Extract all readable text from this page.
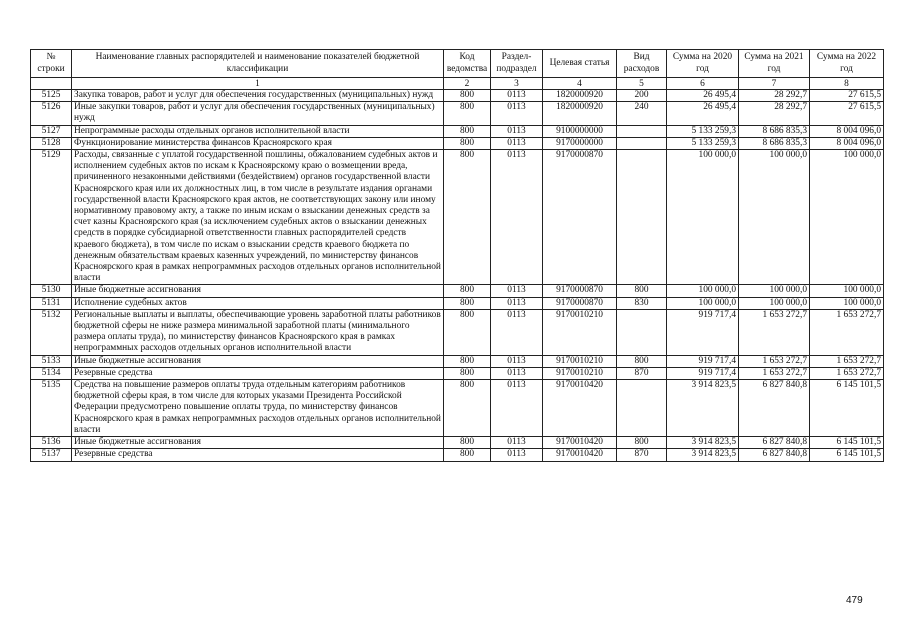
№ строки	Наименование главных распорядителей и наименование показателей бюджетной классификации	Код ведомства	Раздел-подраздел	Целевая статья	Вид расходов	Сумма на 2020 год	Сумма на 2021 год	Сумма на 2022 год
	1	2	3	4	5	6	7	8
5125	Закупка товаров, работ и услуг для обеспечения государственных (муниципальных) нужд	800	0113	1820000920	200	26 495,4	28 292,7	27 615,5
5126	Иные закупки товаров, работ и услуг для обеспечения государственных (муниципальных) нужд	800	0113	1820000920	240	26 495,4	28 292,7	27 615,5
5127	Непрограммные расходы отдельных органов исполнительной власти	800	0113	9100000000		5 133 259,3	8 686 835,3	8 004 096,0
5128	Функционирование министерства финансов Красноярского края	800	0113	9170000000		5 133 259,3	8 686 835,3	8 004 096,0
5129	Расходы, связанные с уплатой государственной пошлины, обжалованием судебных актов и исполнением судебных актов по искам к Красноярскому краю о возмещении вреда, причиненного незаконными действиями (бездействием) органов государственной власти Красноярского края или их должностных лиц, в том числе в результате издания органами государственной власти Красноярского края актов, не соответствующих закону или иному нормативному правовому акту, а также по иным искам о взыскании денежных средств за счет казны Красноярского края (за исключением судебных актов о взыскании денежных средств в порядке субсидиарной ответственности главных распорядителей средств краевого бюджета), в том числе по искам о взыскании средств краевого бюджета по денежным обязательствам краевых казенных учреждений, по министерству финансов Красноярского края в рамках непрограммных расходов отдельных органов исполнительной власти	800	0113	9170000870		100 000,0	100 000,0	100 000,0
5130	Иные бюджетные ассигнования	800	0113	9170000870	800	100 000,0	100 000,0	100 000,0
5131	Исполнение судебных актов	800	0113	9170000870	830	100 000,0	100 000,0	100 000,0
5132	Региональные выплаты и выплаты, обеспечивающие уровень заработной платы работников бюджетной сферы не ниже размера минимальной заработной платы (минимального размера оплаты труда), по министерству финансов Красноярского края в рамках непрограммных расходов отдельных органов исполнительной власти	800	0113	9170010210		919 717,4	1 653 272,7	1 653 272,7
5133	Иные бюджетные ассигнования	800	0113	9170010210	800	919 717,4	1 653 272,7	1 653 272,7
5134	Резервные средства	800	0113	9170010210	870	919 717,4	1 653 272,7	1 653 272,7
5135	Средства на повышение размеров оплаты труда отдельным категориям работников бюджетной сферы края, в том числе для которых указами Президента Российской Федерации предусмотрено повышение оплаты труда, по министерству финансов Красноярского края в рамках непрограммных расходов отдельных органов исполнительной власти	800	0113	9170010420		3 914 823,5	6 827 840,8	6 145 101,5
5136	Иные бюджетные ассигнования	800	0113	9170010420	800	3 914 823,5	6 827 840,8	6 145 101,5
5137	Резервные средства	800	0113	9170010420	870	3 914 823,5	6 827 840,8	6 145 101,5
479
